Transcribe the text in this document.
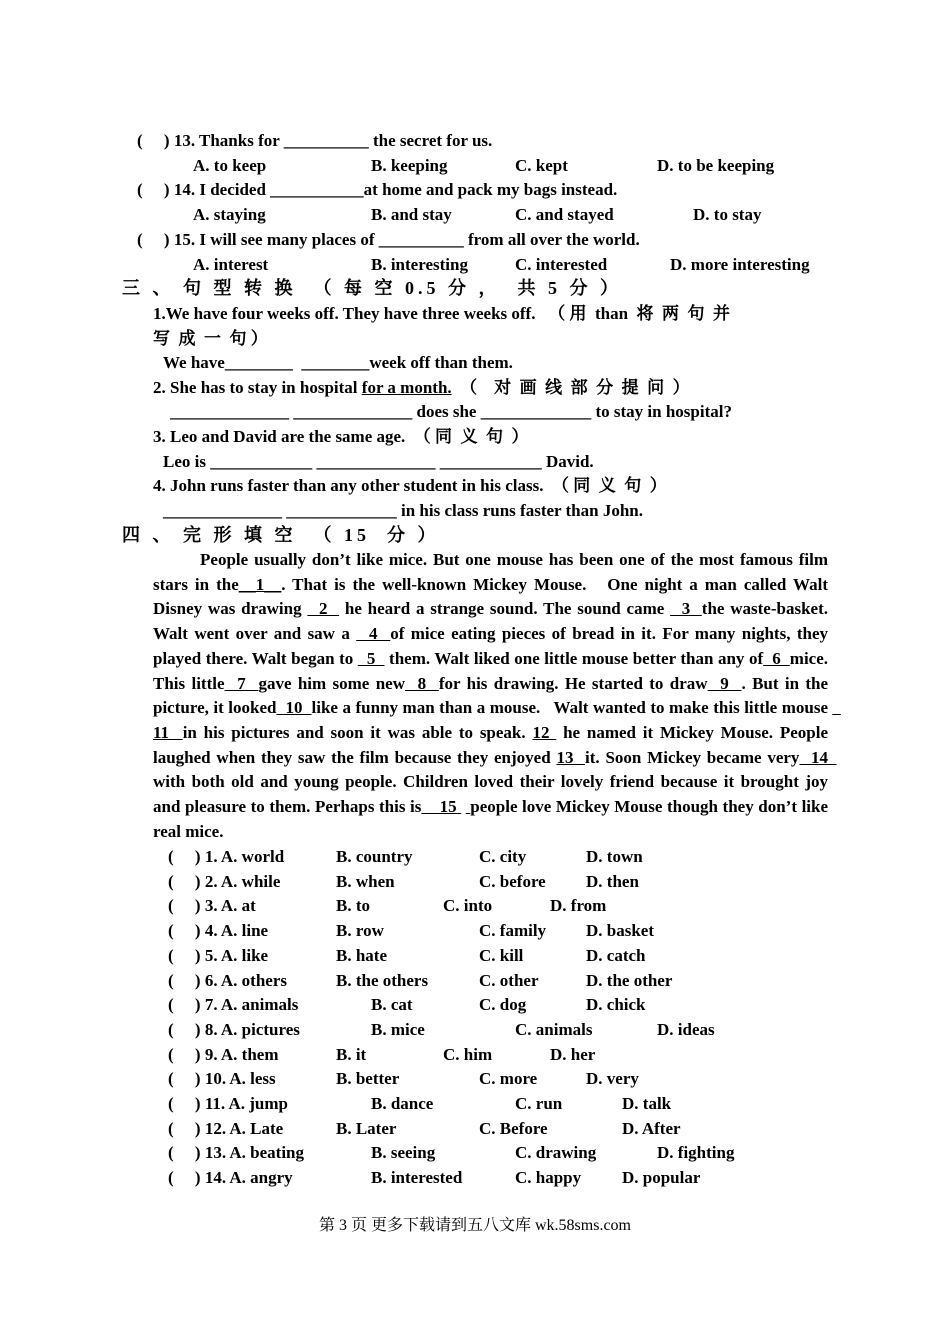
(     ) 13. Thanks for __________ the secret for us.
A. to keep	B. keeping	C. kept	D. to be keeping
(     ) 14. I decided ___________at home and pack my bags instead.
A. staying	B. and stay	C. and stayed	D. to stay
(     ) 15. I will see many places of __________ from all over the world.
A. interest	B. interesting	C. interested	D. more interesting
三 、 句 型 转 换  （ 每 空 0.5 分 ，  共 5 分 ）
1.We have four weeks off. They have three weeks off.   （ 用  than  将  两  句  并
写  成  一  句 ）
We have________  ________week off than them.
2. She has to stay in hospital for a month.  （    对  画  线  部  分  提  问  ）
______________ ______________ does she _____________ to stay in hospital?
3. Leo and David are the same age.  （ 同  义  句  ）
Leo is ____________ ______________ ____________ David.
4. John runs faster than any other student in his class.  （ 同  义  句  ）
______________ _____________ in his class runs faster than John.
四 、 完 形 填 空  （ 15  分 ）

People usually don’t like mice. But one mouse has been one of the most famous film stars in the__1__. That is the well-known Mickey Mouse.   One night a man called Walt Disney was drawing   2   he heard a strange sound. The sound came   3  the waste-basket. Walt went over and saw a   4  of mice eating pieces of bread in it. For many nights, they played there. Walt began to   5   them. Walt liked one little mouse better than any of  6  mice. This little  7  gave him some new  8  for his drawing. He started to draw  9  . But in the picture, it looked  10  like a funny man than a mouse.   Walt wanted to make this little mouse   11  in his pictures and soon it was able to speak. 12  he named it Mickey Mouse. People laughed when they saw the film because they enjoyed 13  it. Soon Mickey became very  14  with both old and young people. Children loved their lovely friend because it brought joy and pleasure to them. Perhaps this is    15   people love Mickey Mouse though they don’t like real mice.

(     ) 1. A. world	B. country	C. city	D. town
(     ) 2. A. while	B. when	C. before D. then
(     ) 3. A. at	B. to	C. into	D. from
(     ) 4. A. line	B. row	C. family D. basket
(     ) 5. A. like	B. hate	C. kill	D. catch
(     ) 6. A. others	B. the others	C. other	D. the other
(     ) 7. A. animals	B. cat	C. dog	D. chick
(     ) 8. A. pictures	B. mice	C. animals	D. ideas
(     ) 9. A. them	B. it	C. him	D. her
(     ) 10. A. less	B. better	C. more	D. very
(     ) 11. A. jump	B. dance	C. run	D. talk
(     ) 12. A. Late	B. Later	C. Before	D. After
(     ) 13. A. beating	B. seeing	C. drawing	D. fighting
(     ) 14. A. angry	B. interested	C. happy D. popular
第 3 页 更多下载请到五八文库 wk.58sms.com
